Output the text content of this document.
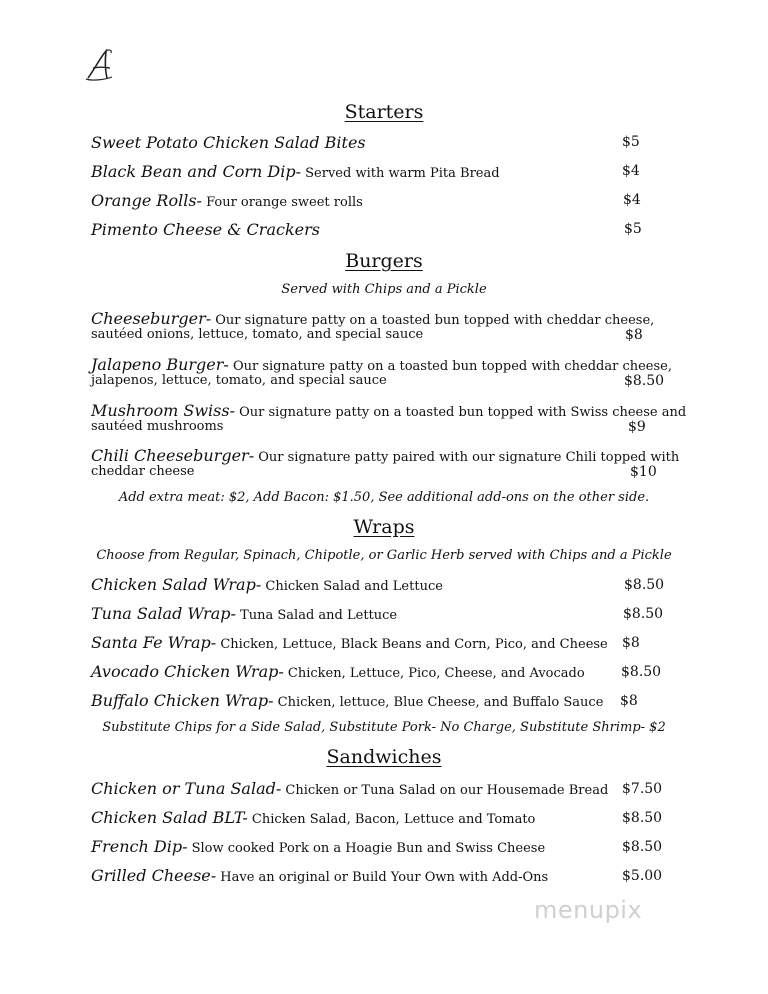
Starters
Sweet Potato Chicken Salad Bites	$5
Black Bean and Corn Dip- Served with warm Pita Bread	$4
Orange Rolls- Four orange sweet rolls	$4
Pimento Cheese & Crackers	$5
Burgers
Served with Chips and a Pickle
Cheeseburger- Our signature patty on a toasted bun topped with cheddar cheese,
sautéed onions, lettuce, tomato, and special sauce	$8
Jalapeno Burger- Our signature patty on a toasted bun topped with cheddar cheese,
jalapenos, lettuce, tomato, and special sauce	$8.50
Mushroom Swiss- Our signature patty on a toasted bun topped with Swiss cheese and
sautéed mushrooms	$9
Chili Cheeseburger- Our signature patty paired with our signature Chili topped with
cheddar cheese	$10
Add extra meat: $2, Add Bacon: $1.50, See additional add-ons on the other side.
Wraps
Choose from Regular, Spinach, Chipotle, or Garlic Herb served with Chips and a Pickle
Chicken Salad Wrap- Chicken Salad and Lettuce	$8.50
Tuna Salad Wrap- Tuna Salad and Lettuce	$8.50
Santa Fe Wrap- Chicken, Lettuce, Black Beans and Corn, Pico, and Cheese $8
Avocado Chicken Wrap- Chicken, Lettuce, Pico, Cheese, and Avocado	$8.50
Buffalo Chicken Wrap- Chicken, lettuce, Blue Cheese, and Buffalo Sauce $8
Substitute Chips for a Side Salad, Substitute Pork- No Charge, Substitute Shrimp- $2
Sandwiches
Chicken or Tuna Salad- Chicken or Tuna Salad on our Housemade Bread $7.50
Chicken Salad BLT- Chicken Salad, Bacon, Lettuce and Tomato	$8.50
French Dip- Slow cooked Pork on a Hoagie Bun and Swiss Cheese	$8.50
Grilled Cheese- Have an original or Build Your Own with Add-Ons	$5.00
menupix
